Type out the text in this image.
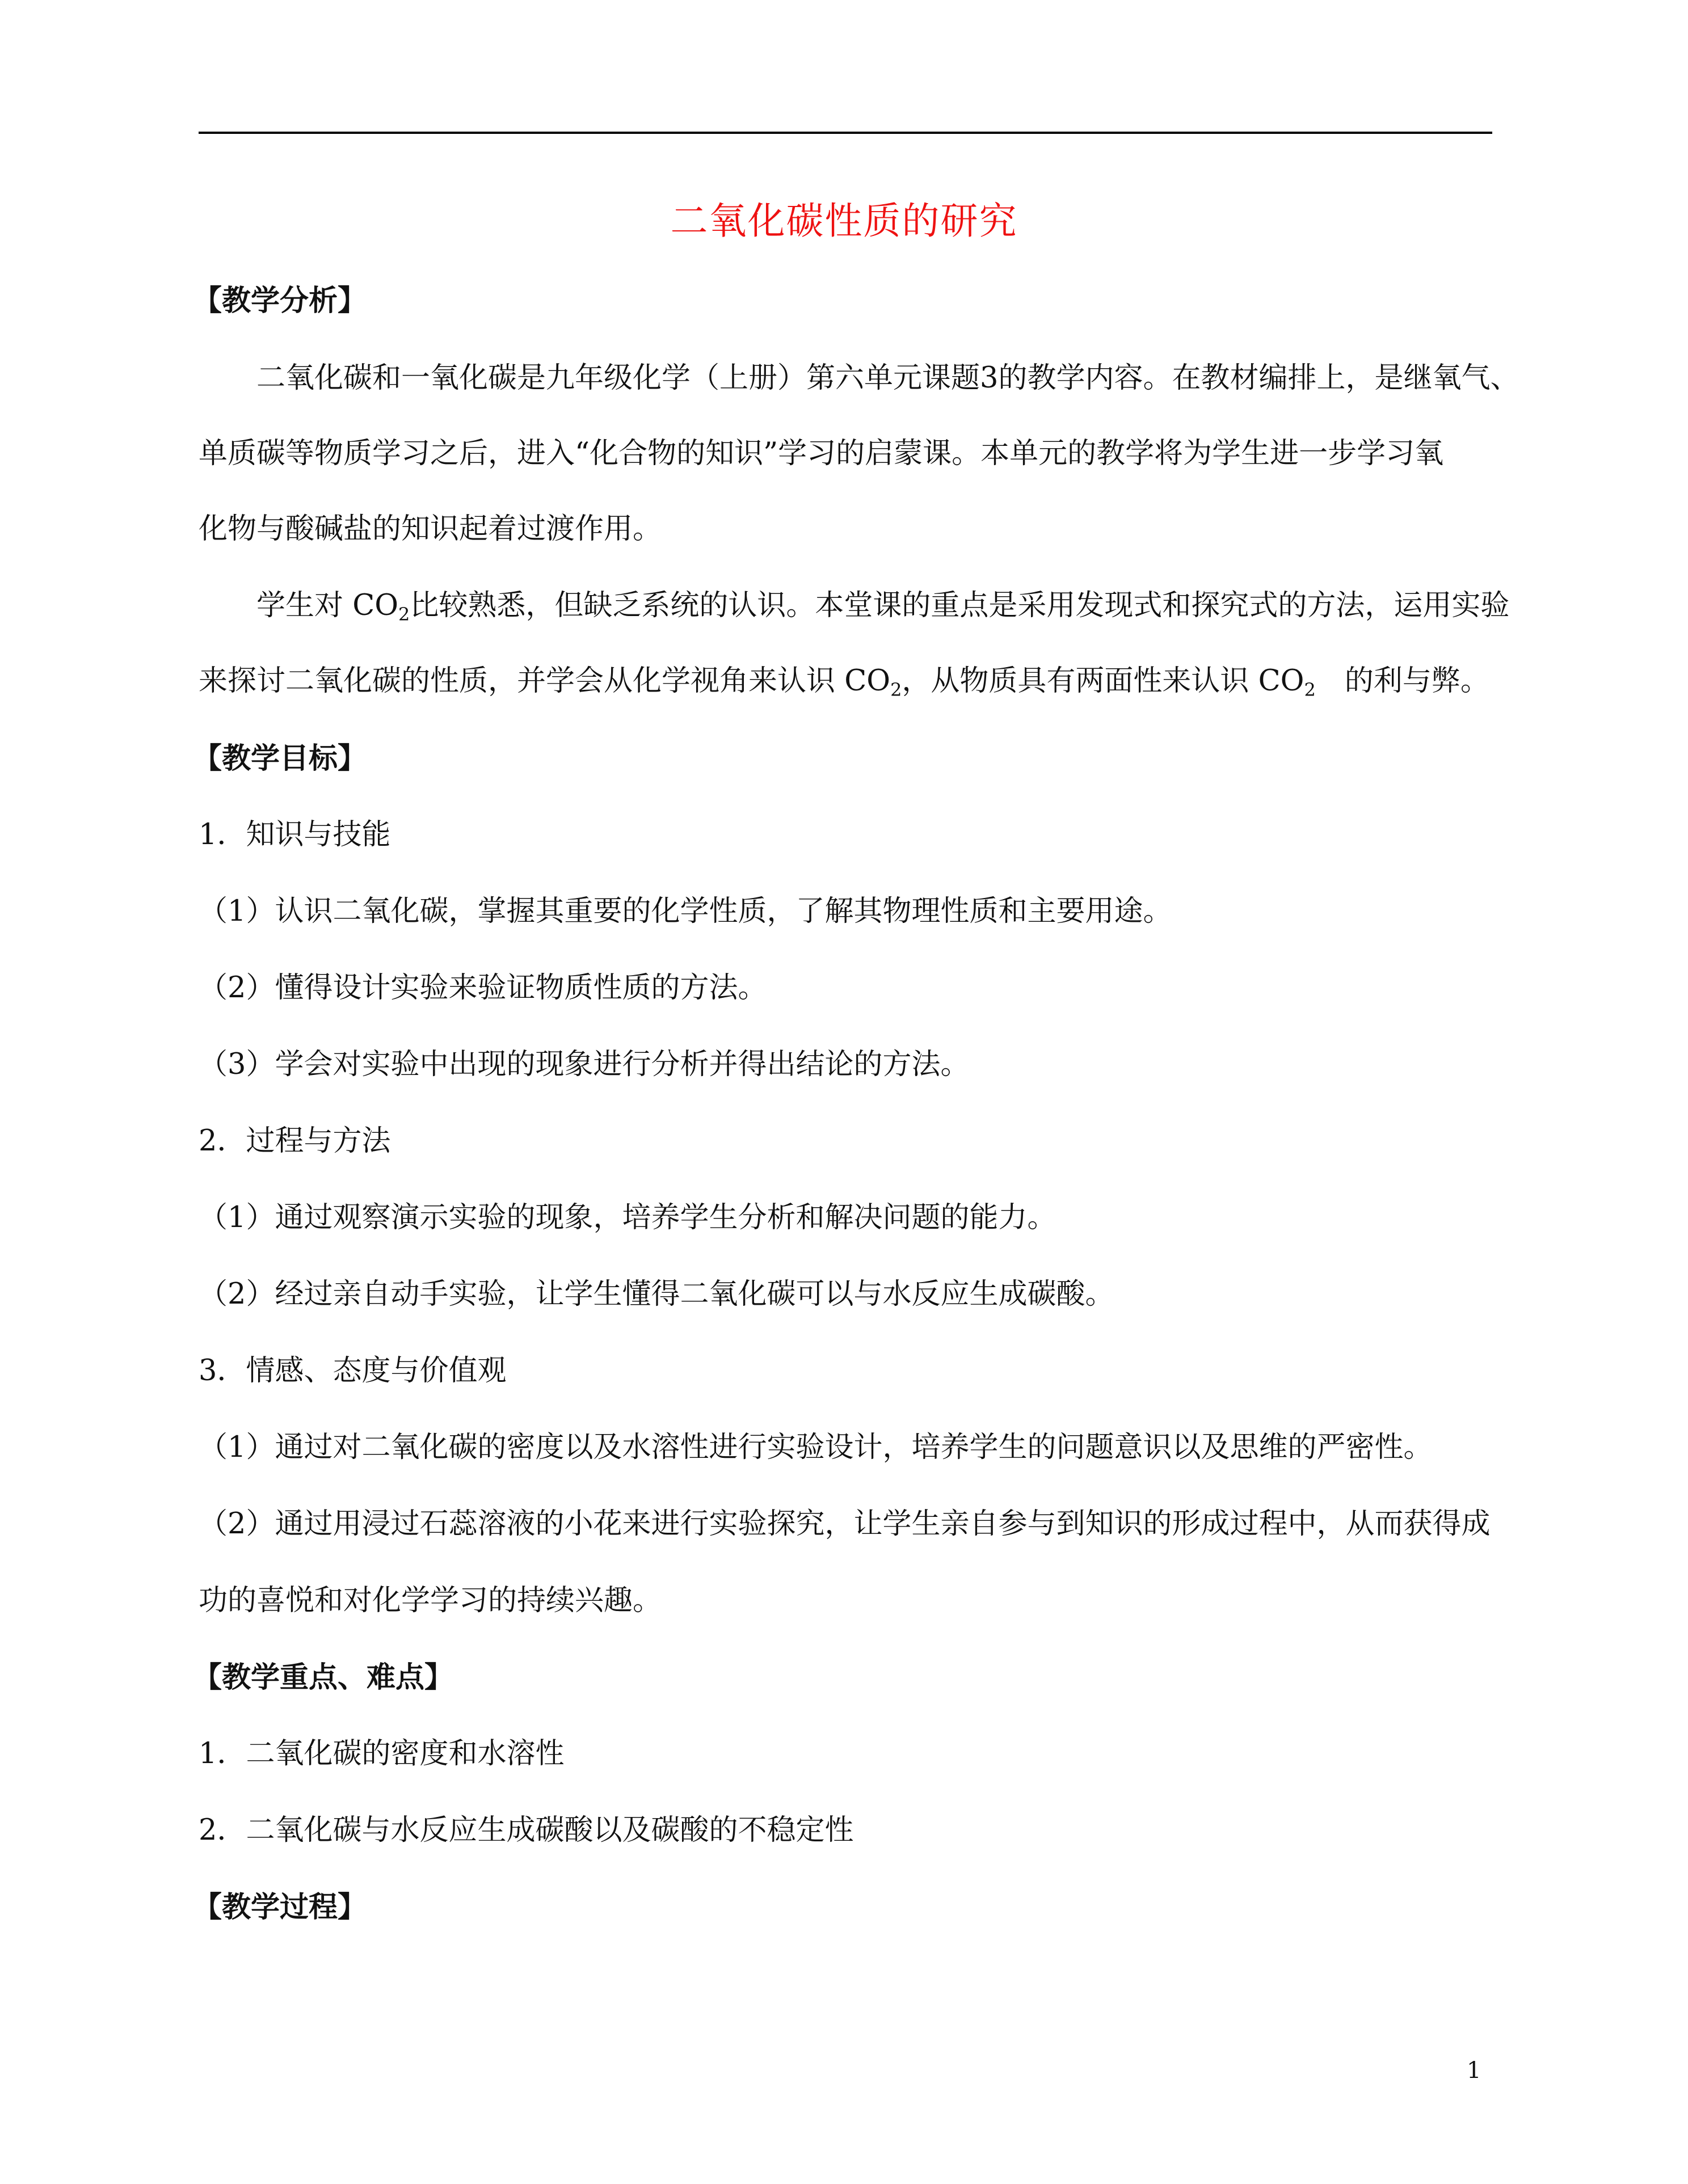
二氧化碳性质的研究
【教学分析】
二氧化碳和一氧化碳是九年级化学（上册）第六单元课题3的教学内容。在教材编排上，是继氧气、
单质碳等物质学习之后，进入“化合物的知识”学习的启蒙课。本单元的教学将为学生进一步学习氧
化物与酸碱盐的知识起着过渡作用。
学生对 $CO_2$比较熟悉，但缺乏系统的认识。本堂课的重点是采用发现式和探究式的方法，运用实验
来探讨二氧化碳的性质，并学会从化学视角来认识 $CO_2$，从物质具有两面性来认识 $CO_2$　的利与弊。
【教学目标】
1．知识与技能
（1）认识二氧化碳，掌握其重要的化学性质，了解其物理性质和主要用途。
（2）懂得设计实验来验证物质性质的方法。
（3）学会对实验中出现的现象进行分析并得出结论的方法。
2．过程与方法
（1）通过观察演示实验的现象，培养学生分析和解决问题的能力。
（2）经过亲自动手实验，让学生懂得二氧化碳可以与水反应生成碳酸。
3．情感、态度与价值观
（1）通过对二氧化碳的密度以及水溶性进行实验设计，培养学生的问题意识以及思维的严密性。
（2）通过用浸过石蕊溶液的小花来进行实验探究，让学生亲自参与到知识的形成过程中，从而获得成
功的喜悦和对化学学习的持续兴趣。
【教学重点、难点】
1．二氧化碳的密度和水溶性
2．二氧化碳与水反应生成碳酸以及碳酸的不稳定性
【教学过程】
1
